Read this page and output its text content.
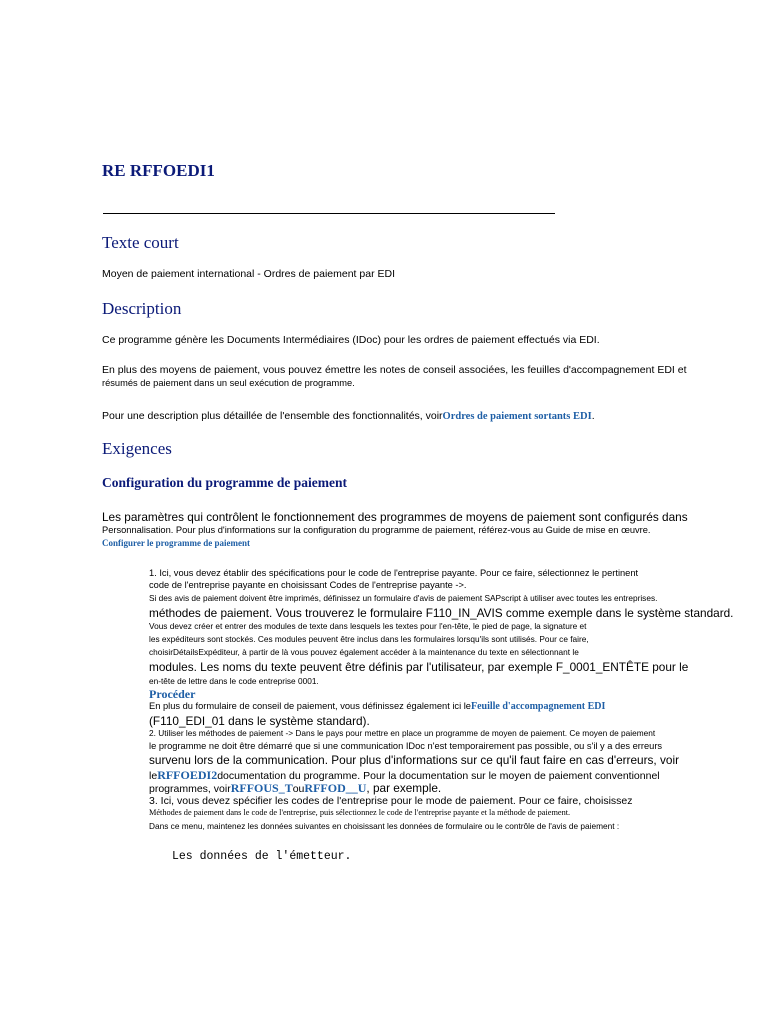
RE RFFOEDI1
Texte court
Moyen de paiement international - Ordres de paiement par EDI
Description
Ce programme génère les Documents Intermédiaires (IDoc) pour les ordres de paiement effectués via EDI.
En plus des moyens de paiement, vous pouvez émettre les notes de conseil associées, les feuilles d'accompagnement EDI et
résumés de paiement dans un seul exécution de programme.
Pour une description plus détaillée de l'ensemble des fonctionnalités, voirOrdres de paiement sortants EDI.
Exigences
Configuration du programme de paiement
Les paramètres qui contrôlent le fonctionnement des programmes de moyens de paiement sont configurés dans
Personnalisation. Pour plus d'informations sur la configuration du programme de paiement, référez-vous au Guide de mise en œuvre.
Configurer le programme de paiement
1. Ici, vous devez établir des spécifications pour le code de l'entreprise payante. Pour ce faire, sélectionnez le pertinent
code de l'entreprise payante en choisissant Codes de l'entreprise payante ->.
Si des avis de paiement doivent être imprimés, définissez un formulaire d'avis de paiement SAPscript à utiliser avec toutes les entreprises.
méthodes de paiement. Vous trouverez le formulaire F110_IN_AVIS comme exemple dans le système standard.
Vous devez créer et entrer des modules de texte dans lesquels les textes pour l'en-tête, le pied de page, la signature et
les expéditeurs sont stockés. Ces modules peuvent être inclus dans les formulaires lorsqu'ils sont utilisés. Pour ce faire,
choisirDétailsExpéditeur, à partir de là vous pouvez également accéder à la maintenance du texte en sélectionnant le
modules. Les noms du texte peuvent être définis par l'utilisateur, par exemple F_0001_ENTÊTE pour le
en-tête de lettre dans le code entreprise 0001.
Procéder
En plus du formulaire de conseil de paiement, vous définissez également ici leFeuille d'accompagnement EDI
(F110_EDI_01 dans le système standard).
2. Utiliser les méthodes de paiement -> Dans le pays pour mettre en place un programme de moyen de paiement. Ce moyen de paiement
le programme ne doit être démarré que si une communication IDoc n'est temporairement pas possible, ou s'il y a des erreurs
survenu lors de la communication. Pour plus d'informations sur ce qu'il faut faire en cas d'erreurs, voir
leRFFOEDI2documentation du programme. Pour la documentation sur le moyen de paiement conventionnel
programmes, voirRFFOUS_TouRFFOD__U, par exemple.
3. Ici, vous devez spécifier les codes de l'entreprise pour le mode de paiement. Pour ce faire, choisissez
Méthodes de paiement dans le code de l'entreprise, puis sélectionnez le code de l'entreprise payante et la méthode de paiement.
Dans ce menu, maintenez les données suivantes en choisissant les données de formulaire ou le contrôle de l'avis de paiement :
Les données de l'émetteur.
